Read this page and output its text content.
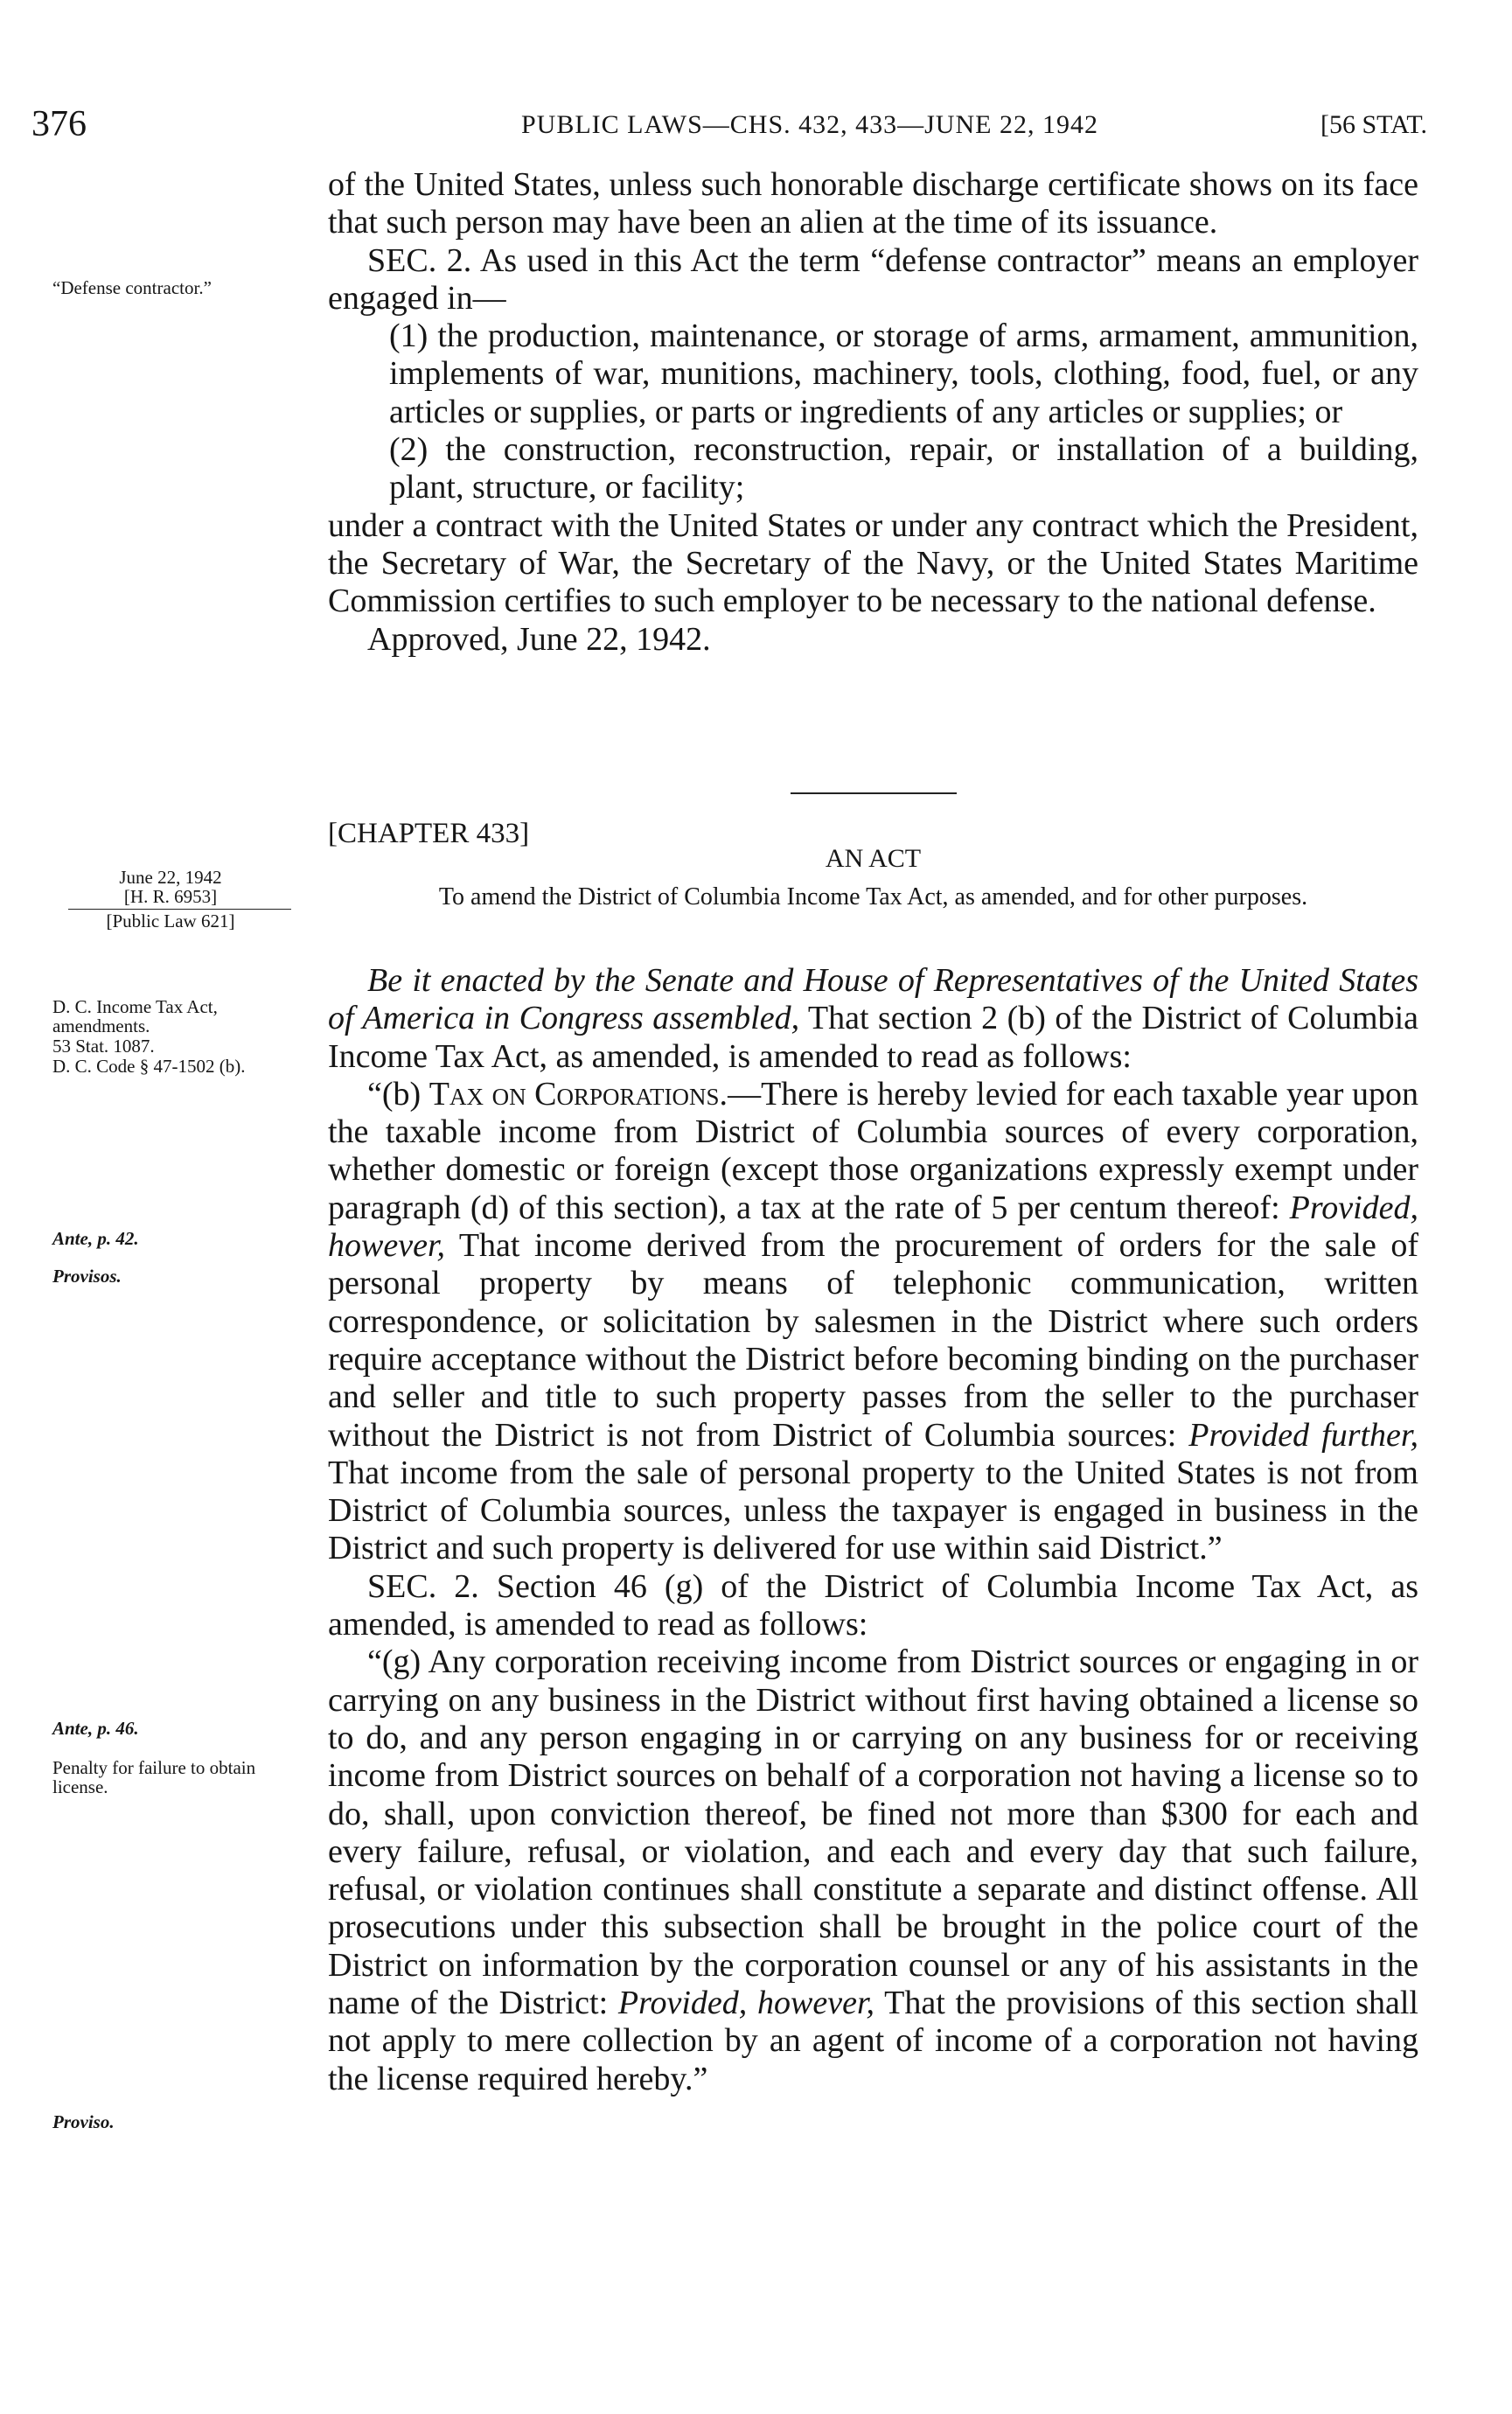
376	PUBLIC LAWS—CHS. 432, 433—JUNE 22, 1942	[56 STAT.

of the United States, unless such honorable discharge certificate shows on its face that such person may have been an alien at the time of its issuance.

SEC. 2. As used in this Act the term “defense contractor” means an employer engaged in—

(1) the production, maintenance, or storage of arms, armament, ammunition, implements of war, munitions, machinery, tools, clothing, food, fuel, or any articles or supplies, or parts or ingredients of any articles or supplies; or

(2) the construction, reconstruction, repair, or installation of a building, plant, structure, or facility;

under a contract with the United States or under any contract which the President, the Secretary of War, the Secretary of the Navy, or the United States Maritime Commission certifies to such employer to be necessary to the national defense.

Approved, June 22, 1942.

[CHAPTER 433]
AN ACT
To amend the District of Columbia Income Tax Act, as amended, and for other purposes.

Be it enacted by the Senate and House of Representatives of the United States of America in Congress assembled, That section 2 (b) of the District of Columbia Income Tax Act, as amended, is amended to read as follows:

“(b) Tax on Corporations.—There is hereby levied for each taxable year upon the taxable income from District of Columbia sources of every corporation, whether domestic or foreign (except those organizations expressly exempt under paragraph (d) of this section), a tax at the rate of 5 per centum thereof: Provided, however, That income derived from the procurement of orders for the sale of personal property by means of telephonic communication, written correspondence, or solicitation by salesmen in the District where such orders require acceptance without the District before becoming binding on the purchaser and seller and title to such property passes from the seller to the purchaser without the District is not from District of Columbia sources: Provided further, That income from the sale of personal property to the United States is not from District of Columbia sources, unless the taxpayer is engaged in business in the District and such property is delivered for use within said District.”

SEC. 2. Section 46 (g) of the District of Columbia Income Tax Act, as amended, is amended to read as follows:

“(g) Any corporation receiving income from District sources or engaging in or carrying on any business in the District without first having obtained a license so to do, and any person engaging in or carrying on any business for or receiving income from District sources on behalf of a corporation not having a license so to do, shall, upon conviction thereof, be fined not more than $300 for each and every failure, refusal, or violation, and each and every day that such failure, refusal, or violation continues shall constitute a separate and distinct offense. All prosecutions under this subsection shall be brought in the police court of the District on information by the corporation counsel or any of his assistants in the name of the District: Provided, however, That the provisions of this section shall not apply to mere collection by an agent of income of a corporation not having the license required hereby.”

“Defense contractor.”
June 22, 1942
[H. R. 6953]
[Public Law 621]
D. C. Income Tax Act, amendments.
53 Stat. 1087.
D. C. Code § 47-1502 (b).
Ante, p. 42.
Provisos.
Ante, p. 46.
Penalty for failure to obtain license.
Proviso.
